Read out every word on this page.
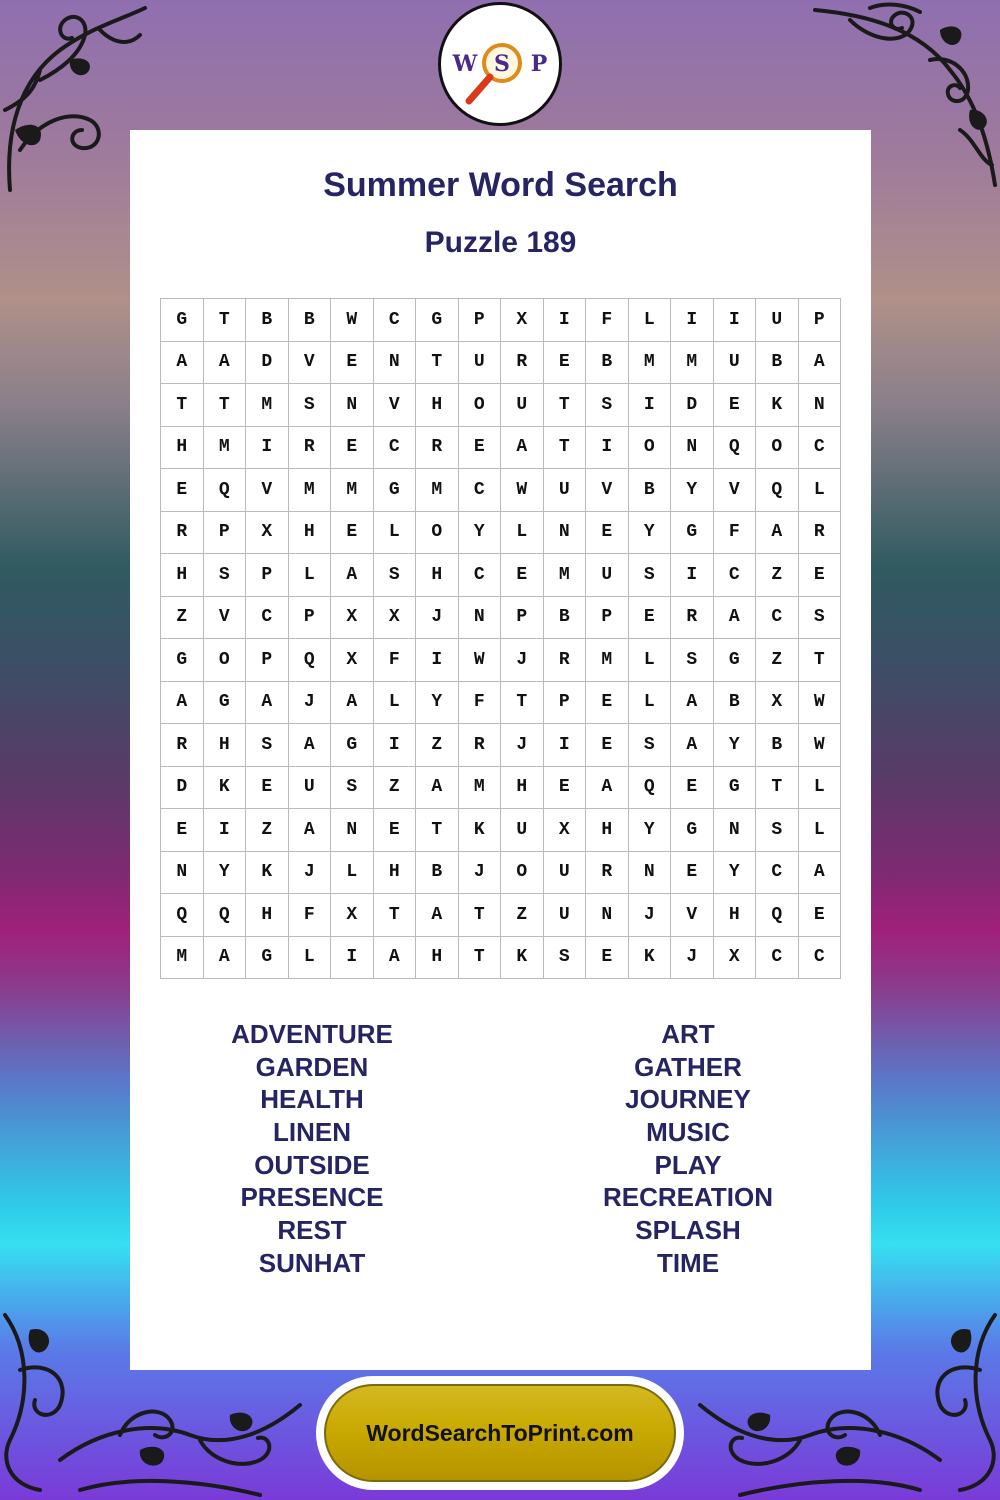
W S P
Summer Word Search
Puzzle 189
G	T	B	B	W	C	G	P	X	I	F	L	I	I	U	P
A	A	D	V	E	N	T	U	R	E	B	M	M	U	B	A
T	T	M	S	N	V	H	O	U	T	S	I	D	E	K	N
H	M	I	R	E	C	R	E	A	T	I	O	N	Q	O	C
E	Q	V	M	M	G	M	C	W	U	V	B	Y	V	Q	L
R	P	X	H	E	L	O	Y	L	N	E	Y	G	F	A	R
H	S	P	L	A	S	H	C	E	M	U	S	I	C	Z	E
Z	V	C	P	X	X	J	N	P	B	P	E	R	A	C	S
G	O	P	Q	X	F	I	W	J	R	M	L	S	G	Z	T
A	G	A	J	A	L	Y	F	T	P	E	L	A	B	X	W
R	H	S	A	G	I	Z	R	J	I	E	S	A	Y	B	W
D	K	E	U	S	Z	A	M	H	E	A	Q	E	G	T	L
E	I	Z	A	N	E	T	K	U	X	H	Y	G	N	S	L
N	Y	K	J	L	H	B	J	O	U	R	N	E	Y	C	A
Q	Q	H	F	X	T	A	T	Z	U	N	J	V	H	Q	E
M	A	G	L	I	A	H	T	K	S	E	K	J	X	C	C
ADVENTURE
GARDEN
HEALTH
LINEN
OUTSIDE
PRESENCE
REST
SUNHAT
ART
GATHER
JOURNEY
MUSIC
PLAY
RECREATION
SPLASH
TIME
WordSearchToPrint.com
